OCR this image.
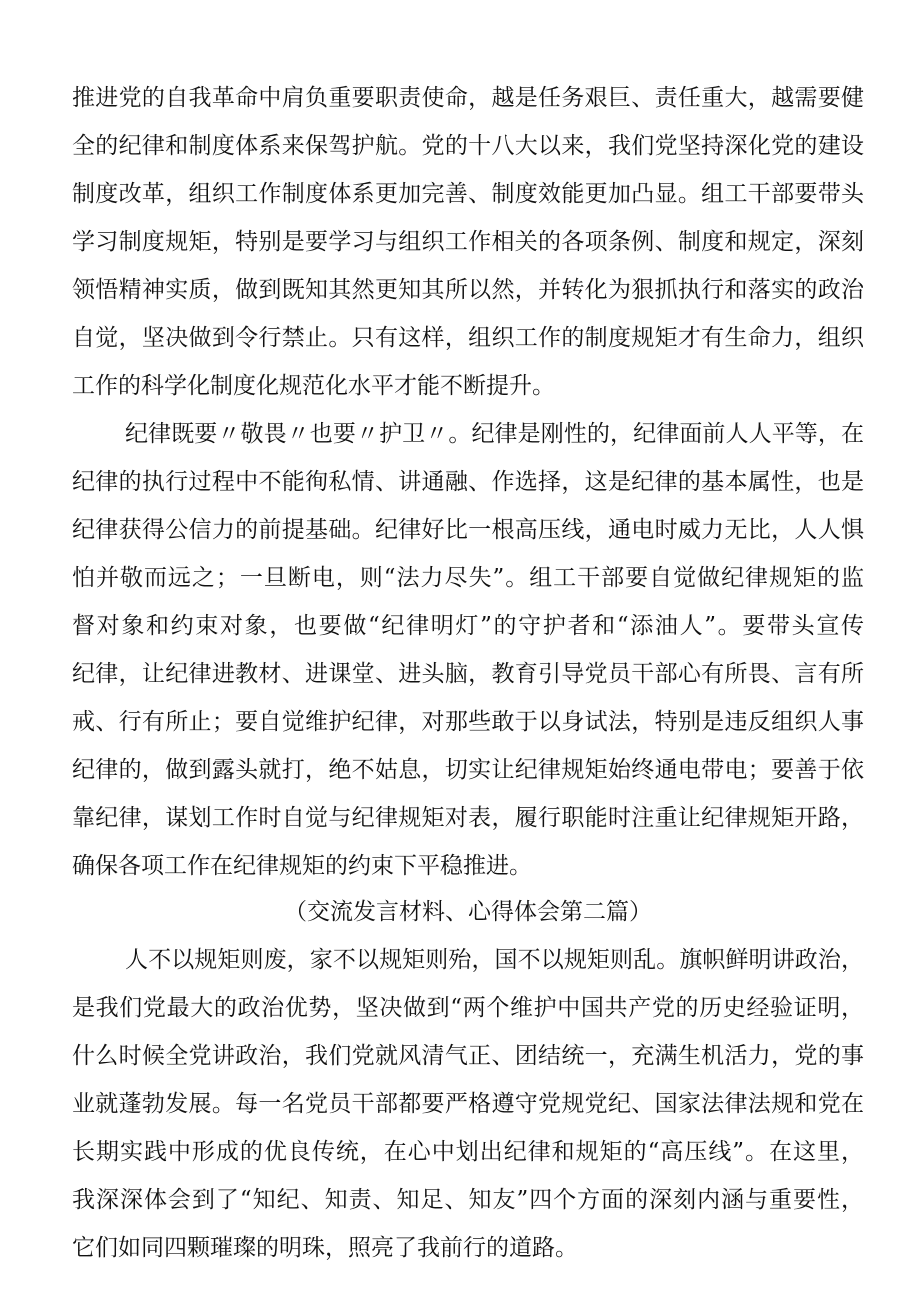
推进党的自我革命中肩负重要职责使命，越是任务艰巨、责任重大，越需要健
全的纪律和制度体系来保驾护航。党的十八大以来，我们党坚持深化党的建设
制度改革，组织工作制度体系更加完善、制度效能更加凸显。组工干部要带头
学习制度规矩，特别是要学习与组织工作相关的各项条例、制度和规定，深刻
领悟精神实质，做到既知其然更知其所以然，并转化为狠抓执行和落实的政治
自觉，坚决做到令行禁止。只有这样，组织工作的制度规矩才有生命力，组织
工作的科学化制度化规范化水平才能不断提升。
纪律既要〃敬畏〃也要〃护卫〃。纪律是刚性的，纪律面前人人平等，在
纪律的执行过程中不能徇私情、讲通融、作选择，这是纪律的基本属性，也是
纪律获得公信力的前提基础。纪律好比一根高压线，通电时威力无比，人人惧
怕并敬而远之；一旦断电，则“法力尽失”。组工干部要自觉做纪律规矩的监
督对象和约束对象，也要做“纪律明灯”的守护者和“添油人”。要带头宣传
纪律，让纪律进教材、进课堂、进头脑，教育引导党员干部心有所畏、言有所
戒、行有所止；要自觉维护纪律，对那些敢于以身试法，特别是违反组织人事
纪律的，做到露头就打，绝不姑息，切实让纪律规矩始终通电带电；要善于依
靠纪律，谋划工作时自觉与纪律规矩对表，履行职能时注重让纪律规矩开路，
确保各项工作在纪律规矩的约束下平稳推进。
（交流发言材料、心得体会第二篇）
人不以规矩则废，家不以规矩则殆，国不以规矩则乱。旗帜鲜明讲政治，
是我们党最大的政治优势，坚决做到“两个维护中国共产党的历史经验证明，
什么时候全党讲政治，我们党就风清气正、团结统一，充满生机活力，党的事
业就蓬勃发展。每一名党员干部都要严格遵守党规党纪、国家法律法规和党在
长期实践中形成的优良传统，在心中划出纪律和规矩的“高压线”。在这里，
我深深体会到了“知纪、知责、知足、知友”四个方面的深刻内涵与重要性，
它们如同四颗璀璨的明珠，照亮了我前行的道路。
